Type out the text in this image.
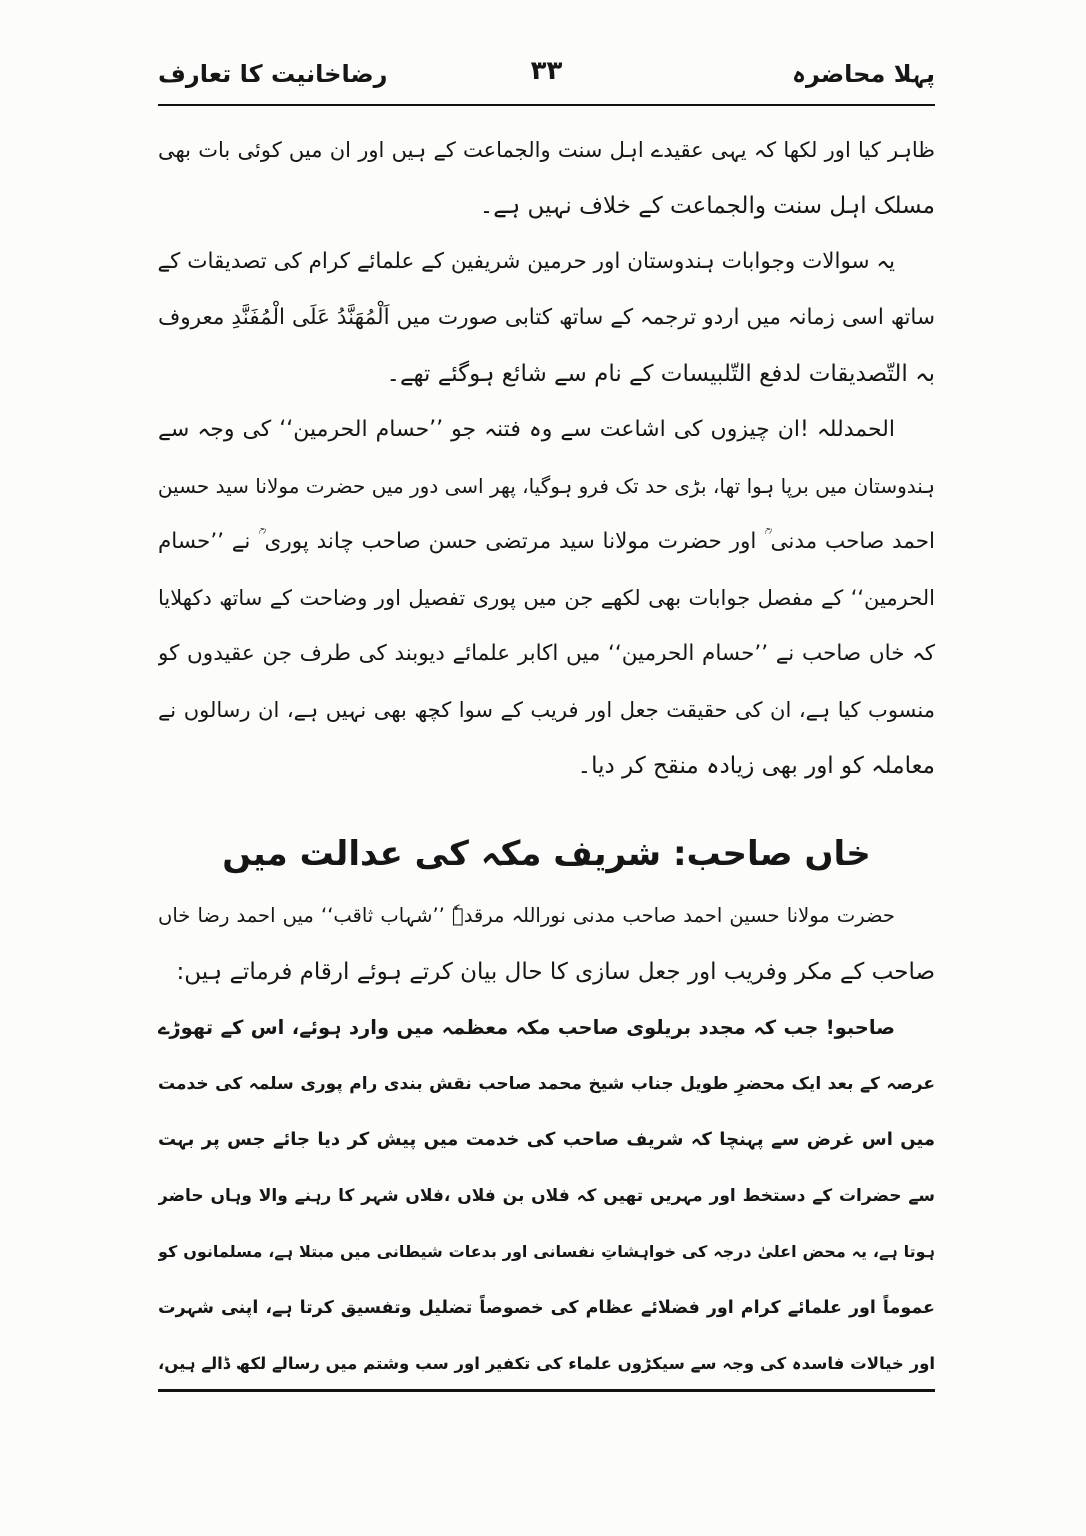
پہلا محاضرہ
۳۳
رضاخانیت کا تعارف
ظاہر کیا اور لکھا کہ یہی عقیدے اہل سنت والجماعت کے ہیں اور ان میں کوئی بات بھی
مسلک اہل سنت والجماعت کے خلاف نہیں ہے۔
یہ سوالات وجوابات ہندوستان اور حرمین شریفین کے علمائے کرام کی تصدیقات کے
ساتھ اسی زمانہ میں اردو ترجمہ کے ساتھ کتابی صورت میں اَلْمُهَنَّدُ عَلَى الْمُفَنَّدِ معروف
بہ التّصدیقات لدفع التّلبیسات کے نام سے شائع ہوگئے تھے۔
الحمدللہ !ان چیزوں کی اشاعت سے وہ فتنہ جو ’’حسام الحرمین‘‘ کی وجہ سے
ہندوستان میں برپا ہوا تھا، بڑی حد تک فرو ہوگیا، پھر اسی دور میں حضرت مولانا سید حسین
احمد صاحب مدنی ؒ اور حضرت مولانا سید مرتضی حسن صاحب چاند پوری ؒ نے ’’حسام
الحرمین‘‘ کے مفصل جوابات بھی لکھے جن میں پوری تفصیل اور وضاحت کے ساتھ دکھلایا
کہ خاں صاحب نے ’’حسام الحرمین‘‘ میں اکابر علمائے دیوبند کی طرف جن عقیدوں کو
منسوب کیا ہے، ان کی حقیقت جعل اور فریب کے سوا کچھ بھی نہیں ہے، ان رسالوں نے
معاملہ کو اور بھی زیادہ منقح کر دیا۔
خاں صاحب: شریف مکہ کی عدالت میں
حضرت مولانا حسین احمد صاحب مدنی نوراللہ مرقدہٗ ’’شہاب ثاقب‘‘ میں احمد رضا خاں
صاحب کے مکر وفریب اور جعل سازی کا حال بیان کرتے ہوئے ارقام فرماتے ہیں:
صاحبو! جب کہ مجدد بریلوی صاحب مکہ معظمہ میں وارد ہوئے، اس کے تھوڑے
عرصہ کے بعد ایک محضرِ طویل جناب شیخ محمد صاحب نقش بندی رام پوری سلمہ کی خدمت
میں اس غرض سے پہنچا کہ شریف صاحب کی خدمت میں پیش کر دیا جائے جس پر بہت
سے حضرات کے دستخط اور مہریں تھیں کہ فلاں بن فلاں ،فلاں شہر کا رہنے والا وہاں حاضر
ہوتا ہے، یہ محض اعلیٰ درجہ کی خواہشاتِ نفسانی اور بدعات شیطانی میں مبتلا ہے، مسلمانوں کو
عموماً اور علمائے کرام اور فضلائے عظام کی خصوصاً تضلیل وتفسیق کرتا ہے، اپنی شہرت
اور خیالات فاسدہ کی وجہ سے سیکڑوں علماء کی تکفیر اور سب وشتم میں رسالے لکھ ڈالے ہیں،
